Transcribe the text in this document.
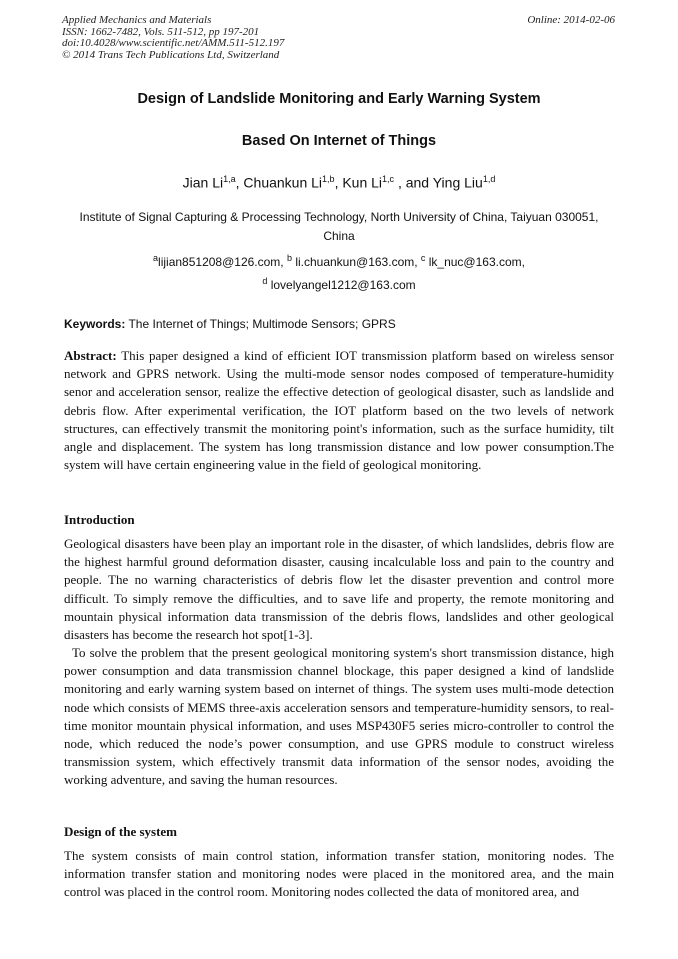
Applied Mechanics and Materials
ISSN: 1662-7482, Vols. 511-512, pp 197-201
doi:10.4028/www.scientific.net/AMM.511-512.197
© 2014 Trans Tech Publications Ltd, Switzerland
Online: 2014-02-06
Design of Landslide Monitoring and Early Warning System
Based On Internet of Things
Jian Li$^{1,a}$, Chuankun Li$^{1,b}$, Kun Li$^{1,c}$ , and Ying Liu$^{1,d}$
Institute of Signal Capturing & Processing Technology, North University of China, Taiyuan 030051, China
$^a$lijian851208@126.com, $^b$ li.chuankun@163.com, $^c$ lk_nuc@163.com,
$^d$ lovelyangel1212@163.com
Keywords: The Internet of Things; Multimode Sensors; GPRS
Abstract: This paper designed a kind of efficient IOT transmission platform based on wireless sensor network and GPRS network. Using the multi-mode sensor nodes composed of temperature-humidity senor and acceleration sensor, realize the effective detection of geological disaster, such as landslide and debris flow. After experimental verification, the IOT platform based on the two levels of network structures, can effectively transmit the monitoring point's information, such as the surface humidity, tilt angle and displacement. The system has long transmission distance and low power consumption.The system will have certain engineering value in the field of geological monitoring.
Introduction
Geological disasters have been play an important role in the disaster, of which landslides, debris flow are the highest harmful ground deformation disaster, causing incalculable loss and pain to the country and people. The no warning characteristics of debris flow let the disaster prevention and control more difficult. To simply remove the difficulties, and to save life and property, the remote monitoring and mountain physical information data transmission of the debris flows, landslides and other geological disasters has become the research hot spot[1-3].
To solve the problem that the present geological monitoring system's short transmission distance, high power consumption and data transmission channel blockage, this paper designed a kind of landslide monitoring and early warning system based on internet of things. The system uses multi-mode detection node which consists of MEMS three-axis acceleration sensors and temperature-humidity sensors, to real-time monitor mountain physical information, and uses MSP430F5 series micro-controller to control the node, which reduced the node’s power consumption, and use GPRS module to construct wireless transmission system, which effectively transmit data information of the sensor nodes, avoiding the working adventure, and saving the human resources.
Design of the system
The system consists of main control station, information transfer station, monitoring nodes. The information transfer station and monitoring nodes were placed in the monitored area, and the main control was placed in the control room. Monitoring nodes collected the data of monitored area, and
